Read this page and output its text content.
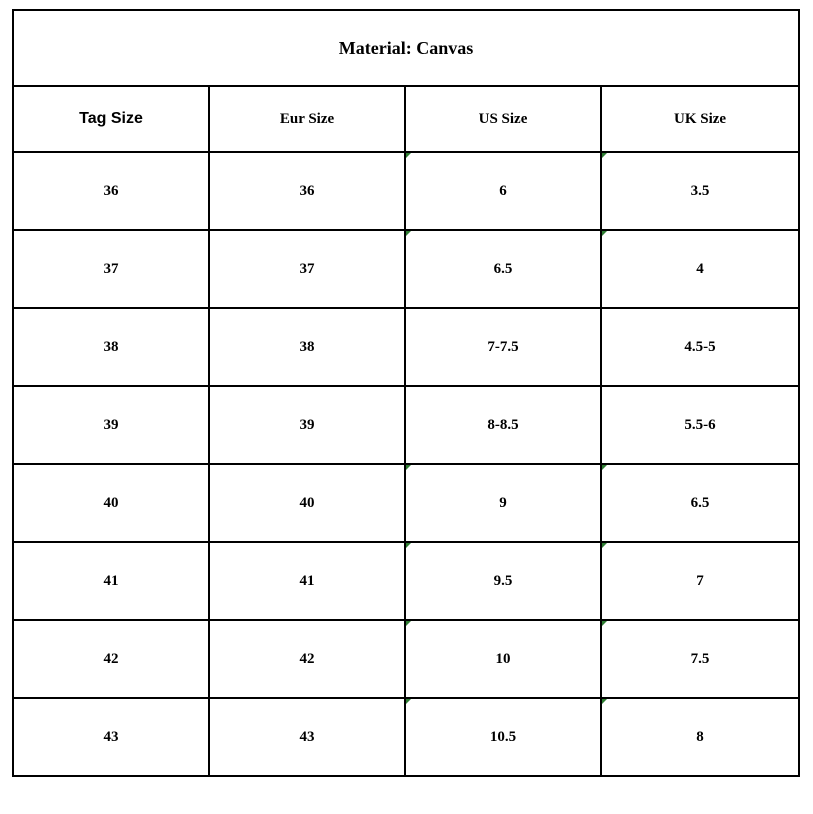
Material: Canvas			
Tag Size	Eur Size	US Size	UK Size
36	36	6	3.5
37	37	6.5	4
38	38	7-7.5	4.5-5
39	39	8-8.5	5.5-6
40	40	9	6.5
41	41	9.5	7
42	42	10	7.5
43	43	10.5	8
